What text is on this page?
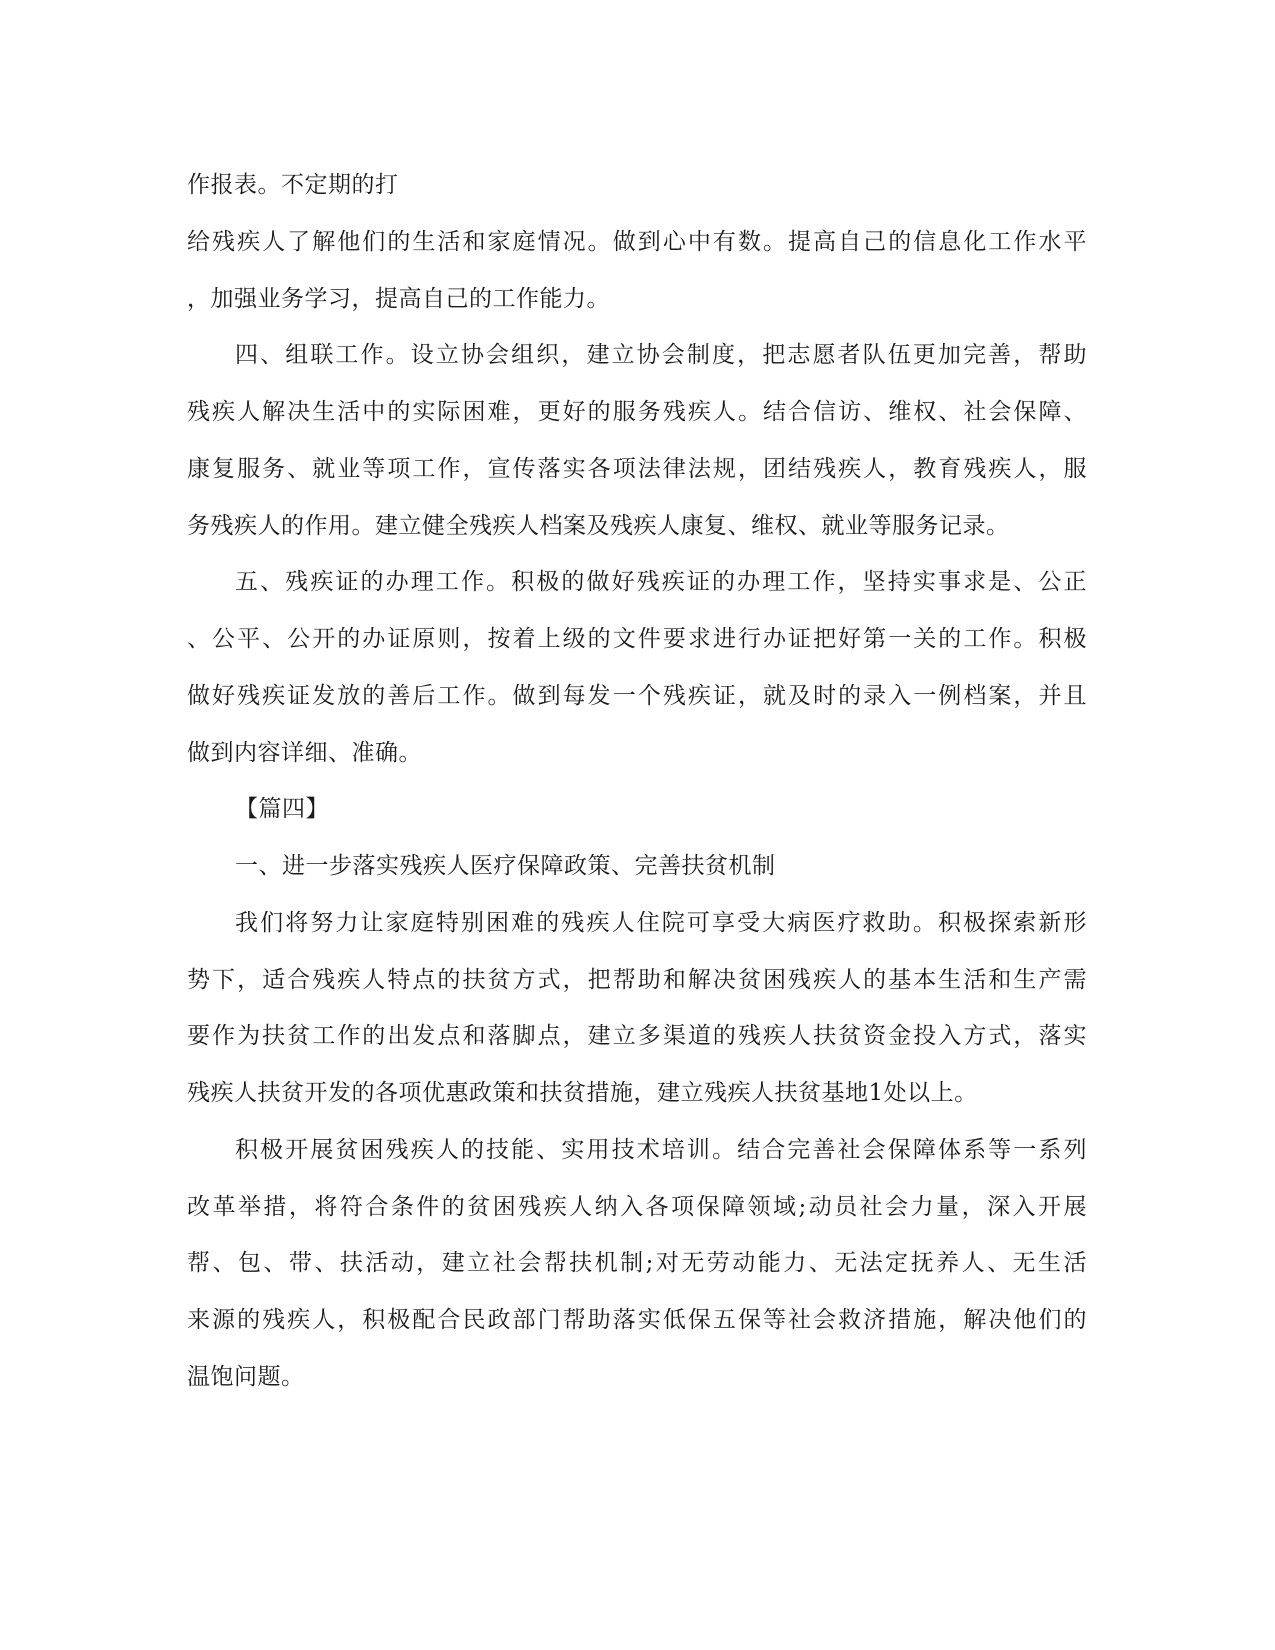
作报表。不定期的打
给残疾人了解他们的生活和家庭情况。做到心中有数。提高自己的信息化工作水平
，加强业务学习，提高自己的工作能力。
四、组联工作。设立协会组织，建立协会制度，把志愿者队伍更加完善，帮助
残疾人解决生活中的实际困难，更好的服务残疾人。结合信访、维权、社会保障、
康复服务、就业等项工作，宣传落实各项法律法规，团结残疾人，教育残疾人，服
务残疾人的作用。建立健全残疾人档案及残疾人康复、维权、就业等服务记录。
五、残疾证的办理工作。积极的做好残疾证的办理工作，坚持实事求是、公正
、公平、公开的办证原则，按着上级的文件要求进行办证把好第一关的工作。积极
做好残疾证发放的善后工作。做到每发一个残疾证，就及时的录入一例档案，并且
做到内容详细、准确。
【篇四】
一、进一步落实残疾人医疗保障政策、完善扶贫机制
我们将努力让家庭特别困难的残疾人住院可享受大病医疗救助。积极探索新形
势下，适合残疾人特点的扶贫方式，把帮助和解决贫困残疾人的基本生活和生产需
要作为扶贫工作的出发点和落脚点，建立多渠道的残疾人扶贫资金投入方式，落实
残疾人扶贫开发的各项优惠政策和扶贫措施，建立残疾人扶贫基地1处以上。
积极开展贫困残疾人的技能、实用技术培训。结合完善社会保障体系等一系列
改革举措，将符合条件的贫困残疾人纳入各项保障领域;动员社会力量，深入开展
帮、包、带、扶活动，建立社会帮扶机制;对无劳动能力、无法定抚养人、无生活
来源的残疾人，积极配合民政部门帮助落实低保五保等社会救济措施，解决他们的
温饱问题。
